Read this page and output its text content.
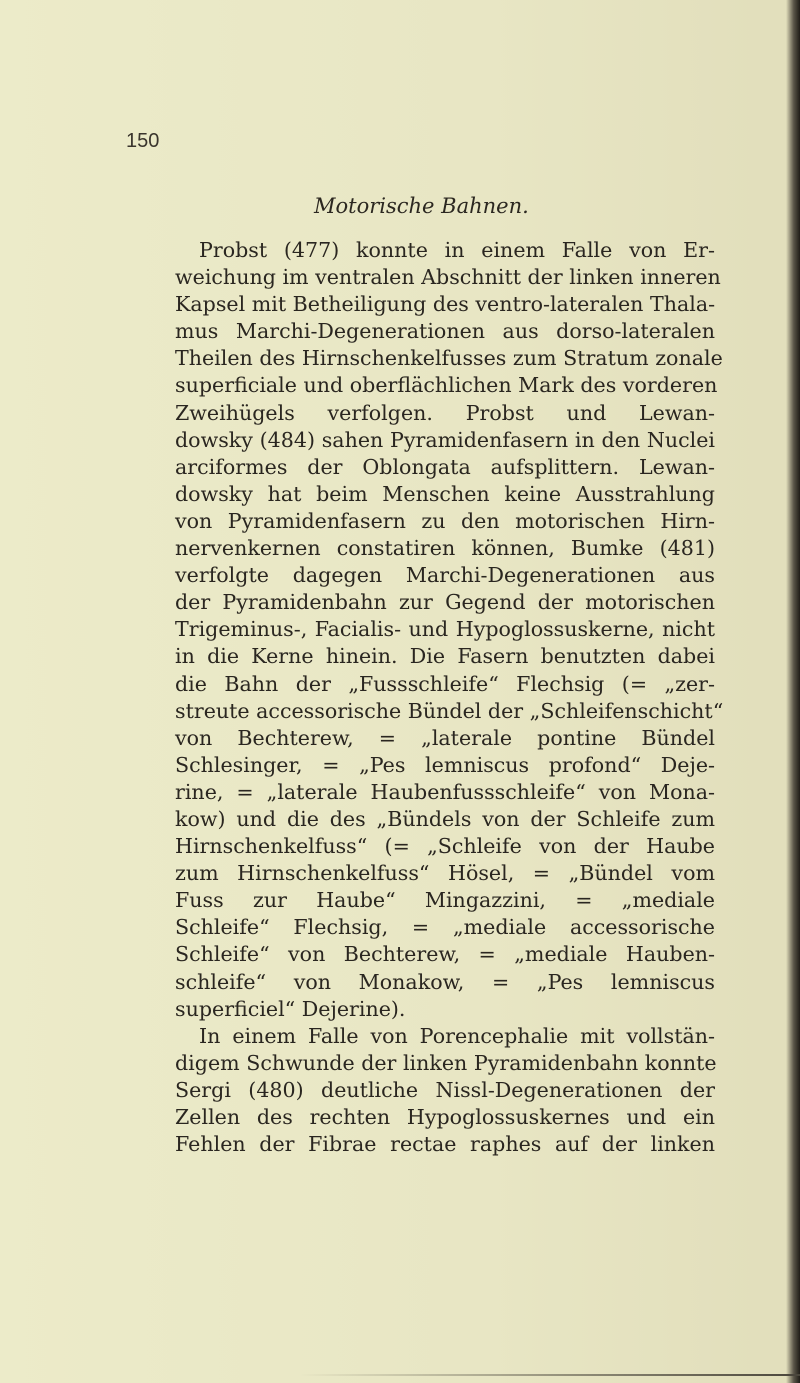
150
Motorische Bahnen.
Probst (477) konnte in einem Falle von Er-
weichung im ventralen Abschnitt der linken inneren
Kapsel mit Betheiligung des ventro-lateralen Thala-
mus Marchi-Degenerationen aus dorso-lateralen
Theilen des Hirnschenkelfusses zum Stratum zonale
superficiale und oberflächlichen Mark des vorderen
Zweihügels verfolgen. Probst und Lewan-
dowsky (484) sahen Pyramidenfasern in den Nuclei
arciformes der Oblongata aufsplittern. Lewan-
dowsky hat beim Menschen keine Ausstrahlung
von Pyramidenfasern zu den motorischen Hirn-
nervenkernen constatiren können, Bumke (481)
verfolgte dagegen Marchi-Degenerationen aus
der Pyramidenbahn zur Gegend der motorischen
Trigeminus-, Facialis- und Hypoglossuskerne, nicht
in die Kerne hinein. Die Fasern benutzten dabei
die Bahn der „Fussschleife“ Flechsig (= „zer-
streute accessorische Bündel der „Schleifenschicht“
von Bechterew, = „laterale pontine Bündel
Schlesinger, = „Pes lemniscus profond“ Deje-
rine, = „laterale Haubenfussschleife“ von Mona-
kow) und die des „Bündels von der Schleife zum
Hirnschenkelfuss“ (= „Schleife von der Haube
zum Hirnschenkelfuss“ Hösel, = „Bündel vom
Fuss zur Haube“ Mingazzini, = „mediale
Schleife“ Flechsig, = „mediale accessorische
Schleife“ von Bechterew, = „mediale Hauben-
schleife“ von Monakow, = „Pes lemniscus
superficiel“ Dejerine).
In einem Falle von Porencephalie mit vollstän-
digem Schwunde der linken Pyramidenbahn konnte
Sergi (480) deutliche Nissl-Degenerationen der
Zellen des rechten Hypoglossuskernes und ein
Fehlen der Fibrae rectae raphes auf der linken
